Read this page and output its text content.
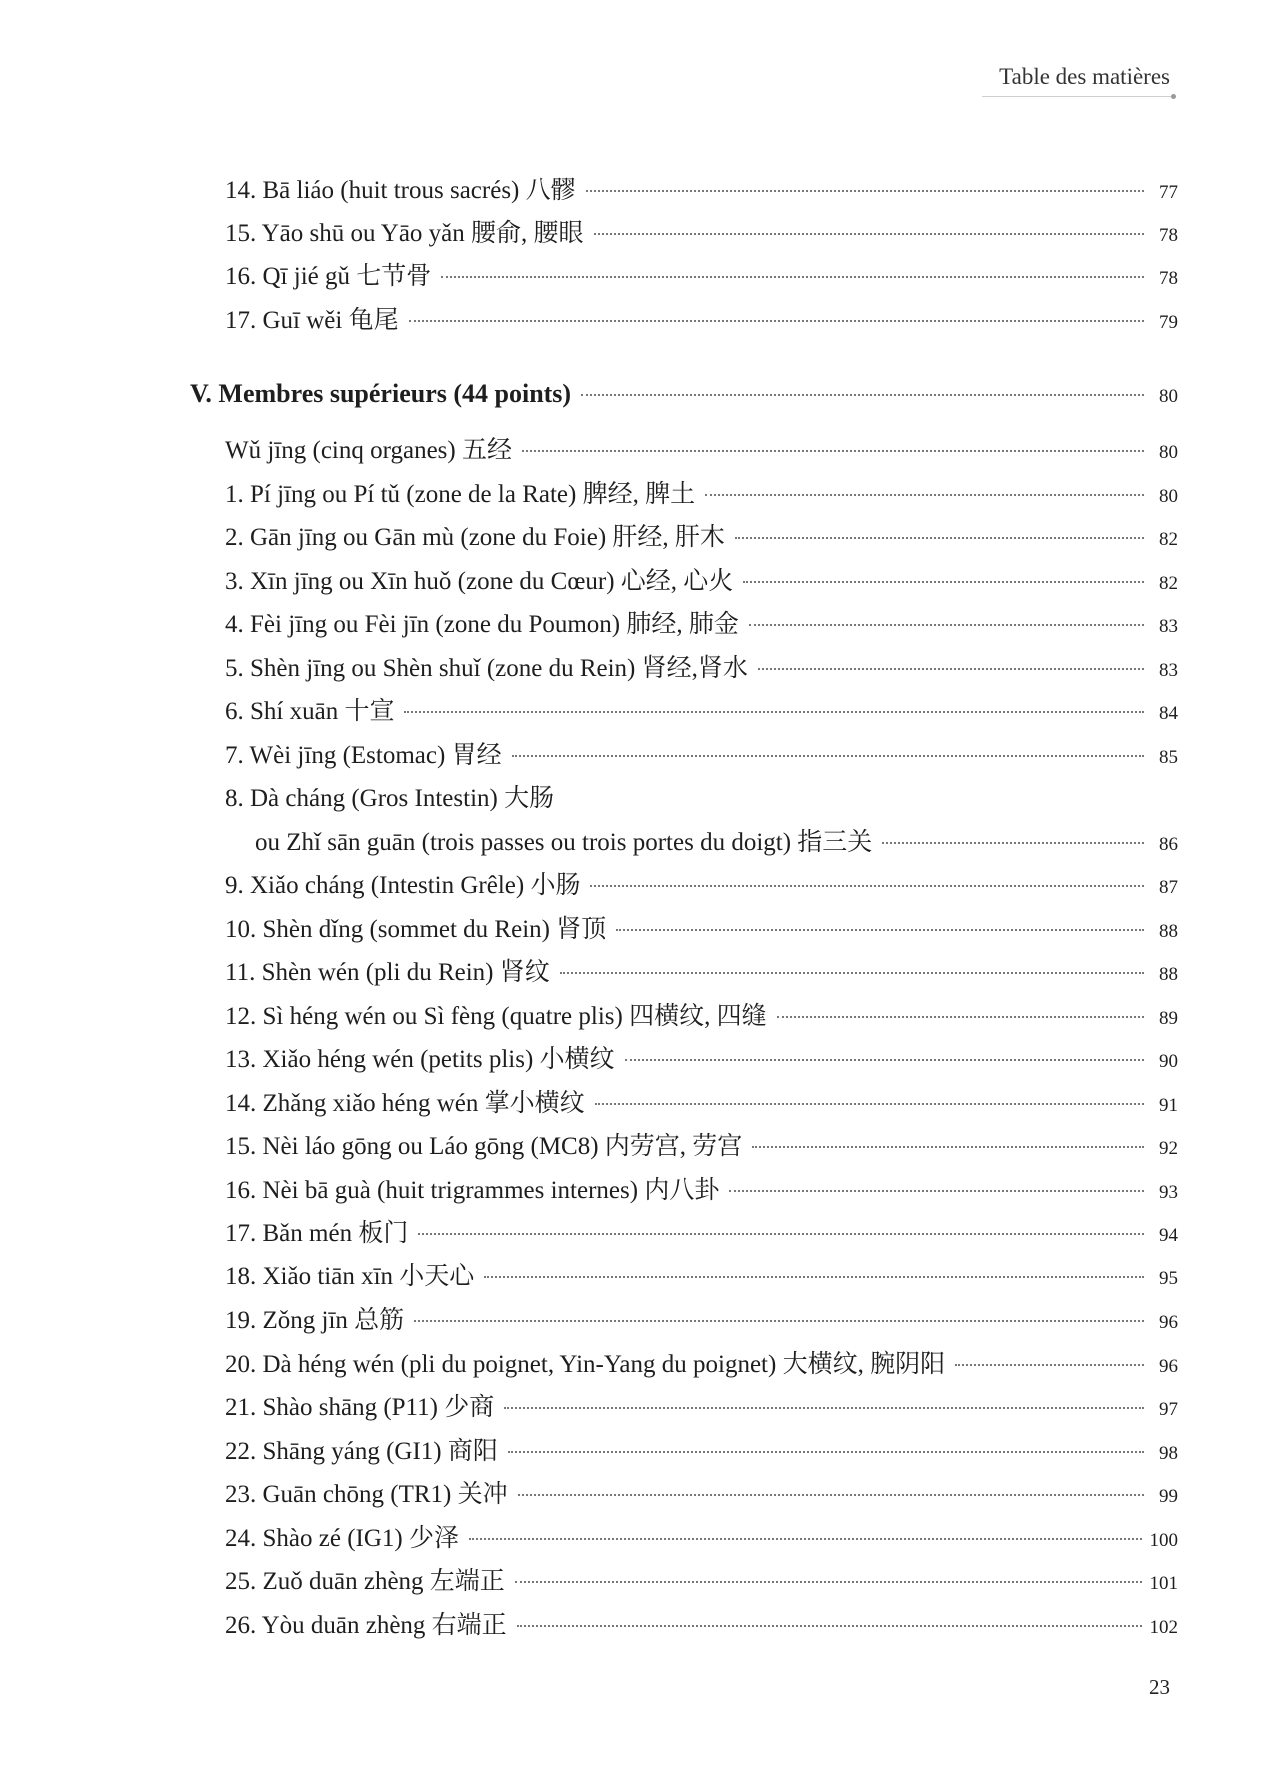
Table des matières
14. Bā liáo (huit trous sacrés) 八髎	77
15. Yāo shū ou Yāo yǎn 腰俞, 腰眼	78
16. Qī jié gǔ 七节骨	78
17. Guī wěi 龟尾	79
V. Membres supérieurs (44 points)	80
Wǔ jīng (cinq organes) 五经	80
1. Pí jīng ou Pí tǔ (zone de la Rate) 脾经, 脾土	80
2. Gān jīng ou Gān mù (zone du Foie) 肝经, 肝木	82
3. Xīn jīng ou Xīn huǒ (zone du Cœur) 心经, 心火	82
4. Fèi jīng ou Fèi jīn (zone du Poumon) 肺经, 肺金	83
5. Shèn jīng ou Shèn shuǐ (zone du Rein) 肾经,肾水	83
6. Shí xuān 十宣	84
7. Wèi jīng (Estomac) 胃经	85
8. Dà cháng (Gros Intestin) 大肠
ou Zhǐ sān guān (trois passes ou trois portes du doigt) 指三关	86
9. Xiǎo cháng (Intestin Grêle) 小肠	87
10. Shèn dǐng (sommet du Rein) 肾顶	88
11. Shèn wén (pli du Rein) 肾纹	88
12. Sì héng wén ou Sì fèng (quatre plis) 四横纹, 四缝	89
13. Xiǎo héng wén (petits plis) 小横纹	90
14. Zhǎng xiǎo héng wén 掌小横纹	91
15. Nèi láo gōng ou Láo gōng (MC8) 内劳宫, 劳宫	92
16. Nèi bā guà (huit trigrammes internes) 内八卦	93
17. Bǎn mén 板门	94
18. Xiǎo tiān xīn 小天心	95
19. Zǒng jīn 总筋	96
20. Dà héng wén (pli du poignet, Yin-Yang du poignet) 大横纹, 腕阴阳	96
21. Shào shāng (P11) 少商	97
22. Shāng yáng (GI1) 商阳	98
23. Guān chōng (TR1) 关冲	99
24. Shào zé (IG1) 少泽	100
25. Zuǒ duān zhèng 左端正	101
26. Yòu duān zhèng 右端正	102
23
